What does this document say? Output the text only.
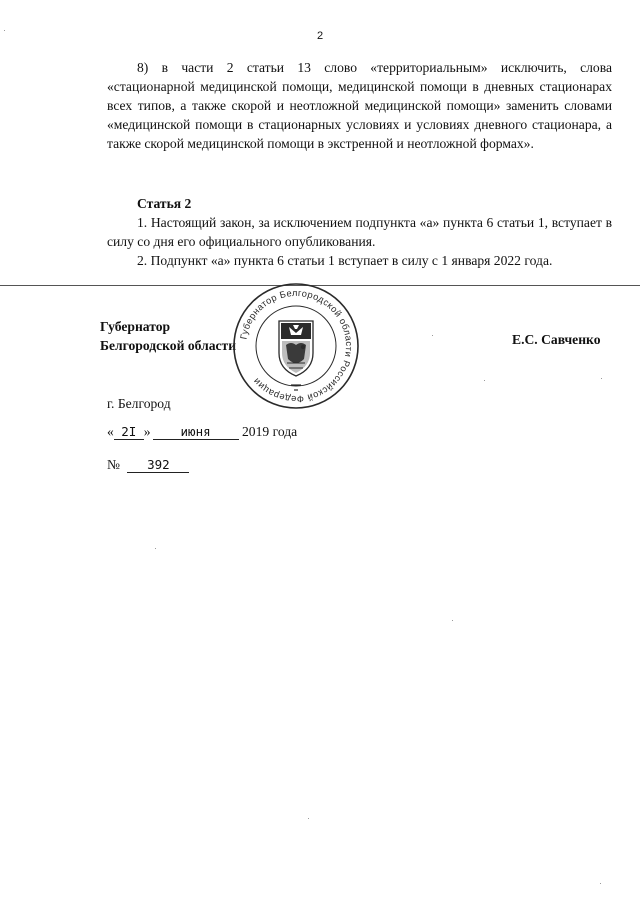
2
8) в части 2 статьи 13 слово «территориальным» исключить, слова «стационарной медицинской помощи, медицинской помощи в дневных стационарах всех типов, а также скорой и неотложной медицинской помощи» заменить словами «медицинской помощи в стационарных условиях и условиях дневного стационара, а также скорой медицинской помощи в экстренной и неотложной формах».
Статья 2
1. Настоящий закон, за исключением подпункта «а» пункта 6 статьи 1, вступает в силу со дня его официального опубликования.
2. Подпункт «а» пункта 6 статьи 1 вступает в силу с 1 января 2022 года.
Губернатор
Белгородской области
Губернатор Белгородской области Российской Федерации
Е.С. Савченко
г. Белгород
« 2I » июня 2019 года
№ 392
